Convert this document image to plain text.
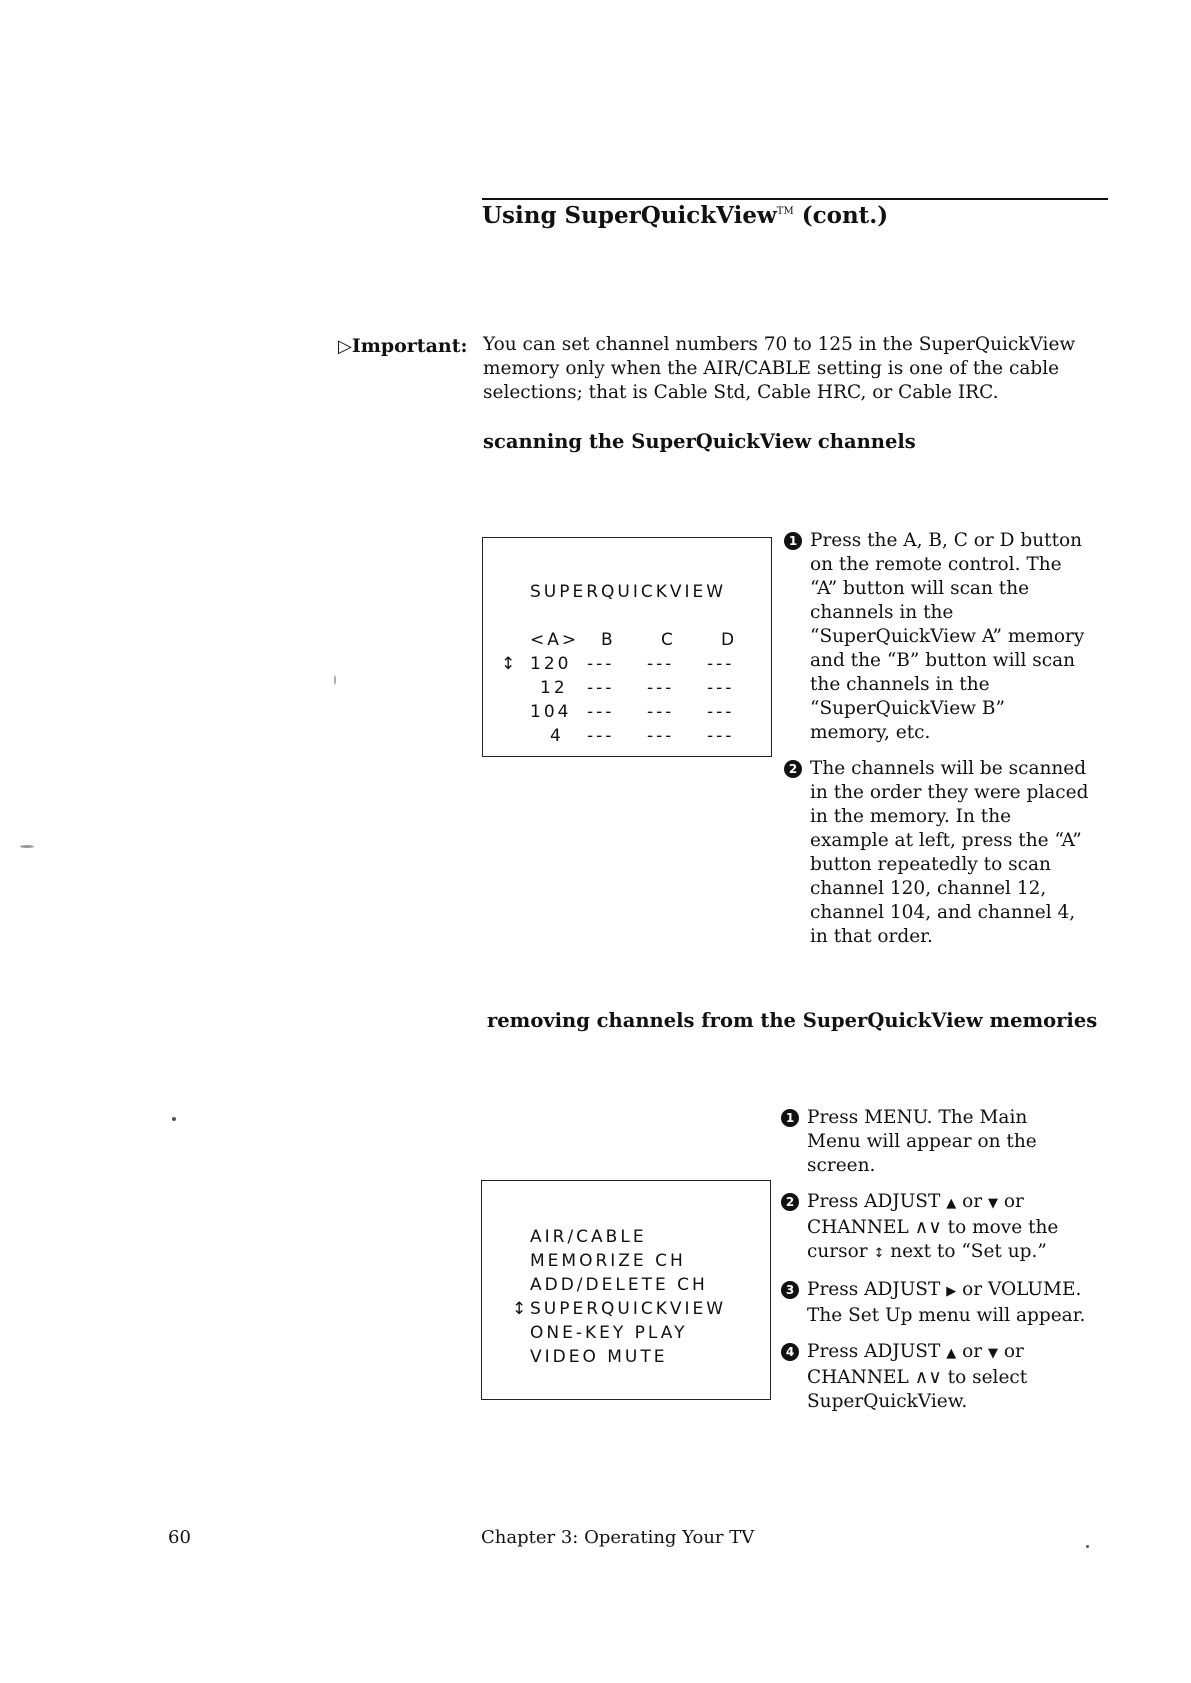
Using SuperQuickView™ (cont.)
▷Important: You can set channel numbers 70 to 125 in the SuperQuickView memory only when the AIR/CABLE setting is one of the cable selections; that is Cable Std, Cable HRC, or Cable IRC.
scanning the SuperQuickView channels
SUPERQUICKVIEW
<A> B	C	D
↕ 120 --- --- ---
12 --- --- ---
104 --- --- ---
4 --- --- ---
1 Press the A, B, C or D button on the remote control. The “A” button will scan the channels in the “SuperQuickView A” memory and the “B” button will scan the channels in the “SuperQuickView B” memory, etc.
2 The channels will be scanned in the order they were placed in the memory. In the example at left, press the “A” button repeatedly to scan channel 120, channel 12, channel 104, and channel 4, in that order.
removing channels from the SuperQuickView memories
AIR/CABLE
MEMORIZE CH
ADD/DELETE CH
↕ SUPERQUICKVIEW
ONE-KEY PLAY
VIDEO MUTE
1 Press MENU. The Main Menu will appear on the screen.
2 Press ADJUST ▲ or ▼ or CHANNEL ∧∨ to move the cursor ↕ next to “Set up.”
3 Press ADJUST ▶ or VOLUME. The Set Up menu will appear.
4 Press ADJUST ▲ or ▼ or CHANNEL ∧∨ to select SuperQuickView.
60	Chapter 3: Operating Your TV
